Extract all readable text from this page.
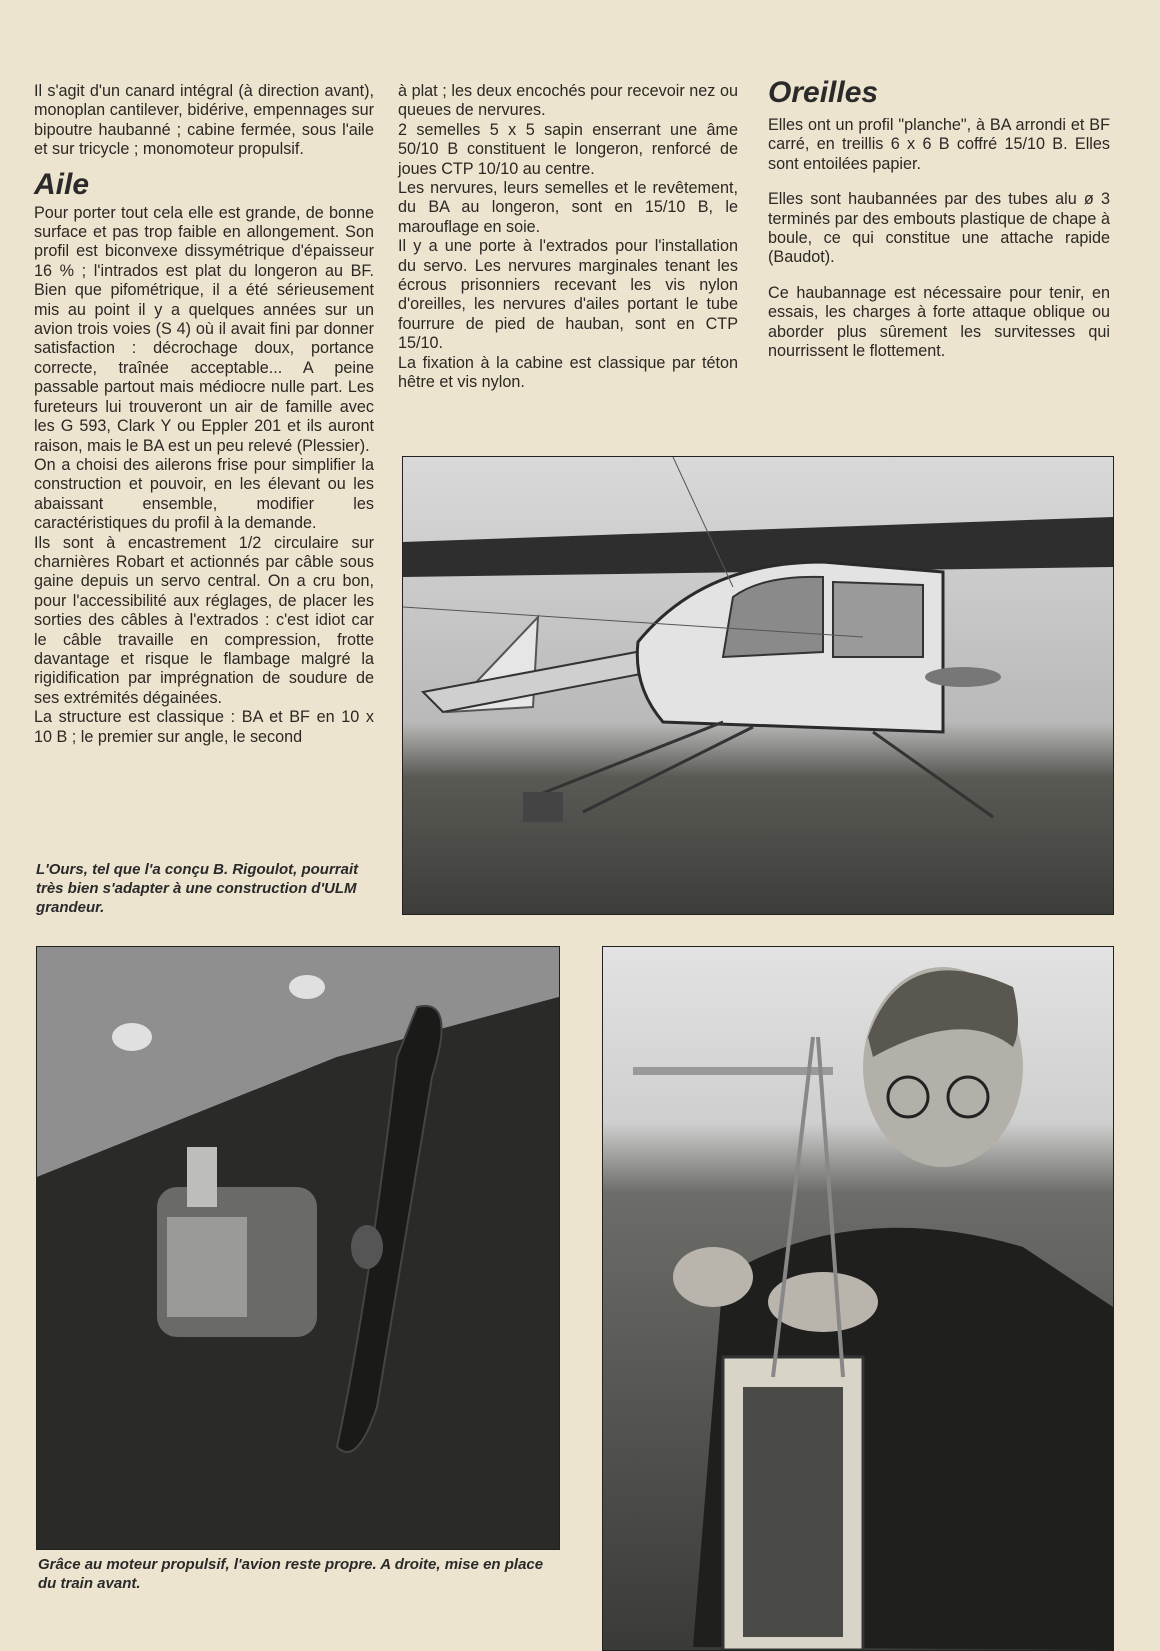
Il s'agit d'un canard intégral (à direction avant), monoplan cantilever, bidérive, empennages sur bipoutre haubanné ; cabine fermée, sous l'aile et sur tricycle ; monomoteur propulsif.

Aile

Pour porter tout cela elle est grande, de bonne surface et pas trop faible en allongement. Son profil est biconvexe dissymétrique d'épaisseur 16 % ; l'intrados est plat du longeron au BF. Bien que pifométrique, il a été sérieusement mis au point il y a quelques années sur un avion trois voies (S 4) où il avait fini par donner satisfaction : décrochage doux, portance correcte, traînée acceptable... A peine passable partout mais médiocre nulle part. Les fureteurs lui trouveront un air de famille avec les G 593, Clark Y ou Eppler 201 et ils auront raison, mais le BA est un peu relevé (Plessier).

On a choisi des ailerons frise pour simplifier la construction et pouvoir, en les élevant ou les abaissant ensemble, modifier les caractéristiques du profil à la demande.

Ils sont à encastrement 1/2 circulaire sur charnières Robart et actionnés par câble sous gaine depuis un servo central. On a cru bon, pour l'accessibilité aux réglages, de placer les sorties des câbles à l'extrados : c'est idiot car le câble travaille en compression, frotte davantage et risque le flambage malgré la rigidification par imprégnation de soudure de ses extrémités dégainées.

La structure est classique : BA et BF en 10 x 10 B ; le premier sur angle, le second

à plat ; les deux encochés pour recevoir nez ou queues de nervures.

2 semelles 5 x 5 sapin enserrant une âme 50/10 B constituent le longeron, renforcé de joues CTP 10/10 au centre.

Les nervures, leurs semelles et le revêtement, du BA au longeron, sont en 15/10 B, le marouflage en soie.

Il y a une porte à l'extrados pour l'installation du servo. Les nervures marginales tenant les écrous prisonniers recevant les vis nylon d'oreilles, les nervures d'ailes portant le tube fourrure de pied de hauban, sont en CTP 15/10.

La fixation à la cabine est classique par téton hêtre et vis nylon.

Oreilles

Elles ont un profil "planche", à BA arrondi et BF carré, en treillis 6 x 6 B coffré 15/10 B. Elles sont entoilées papier.

Elles sont haubannées par des tubes alu ø 3 terminés par des embouts plastique de chape à boule, ce qui constitue une attache rapide (Baudot).

Ce haubannage est nécessaire pour tenir, en essais, les charges à forte attaque oblique ou aborder plus sûrement les survitesses qui nourrissent le flottement.

L'Ours, tel que l'a conçu B. Rigoulot, pourrait très bien s'adapter à une construction d'ULM grandeur.
Grâce au moteur propulsif, l'avion reste propre. A droite, mise en place du train avant.
